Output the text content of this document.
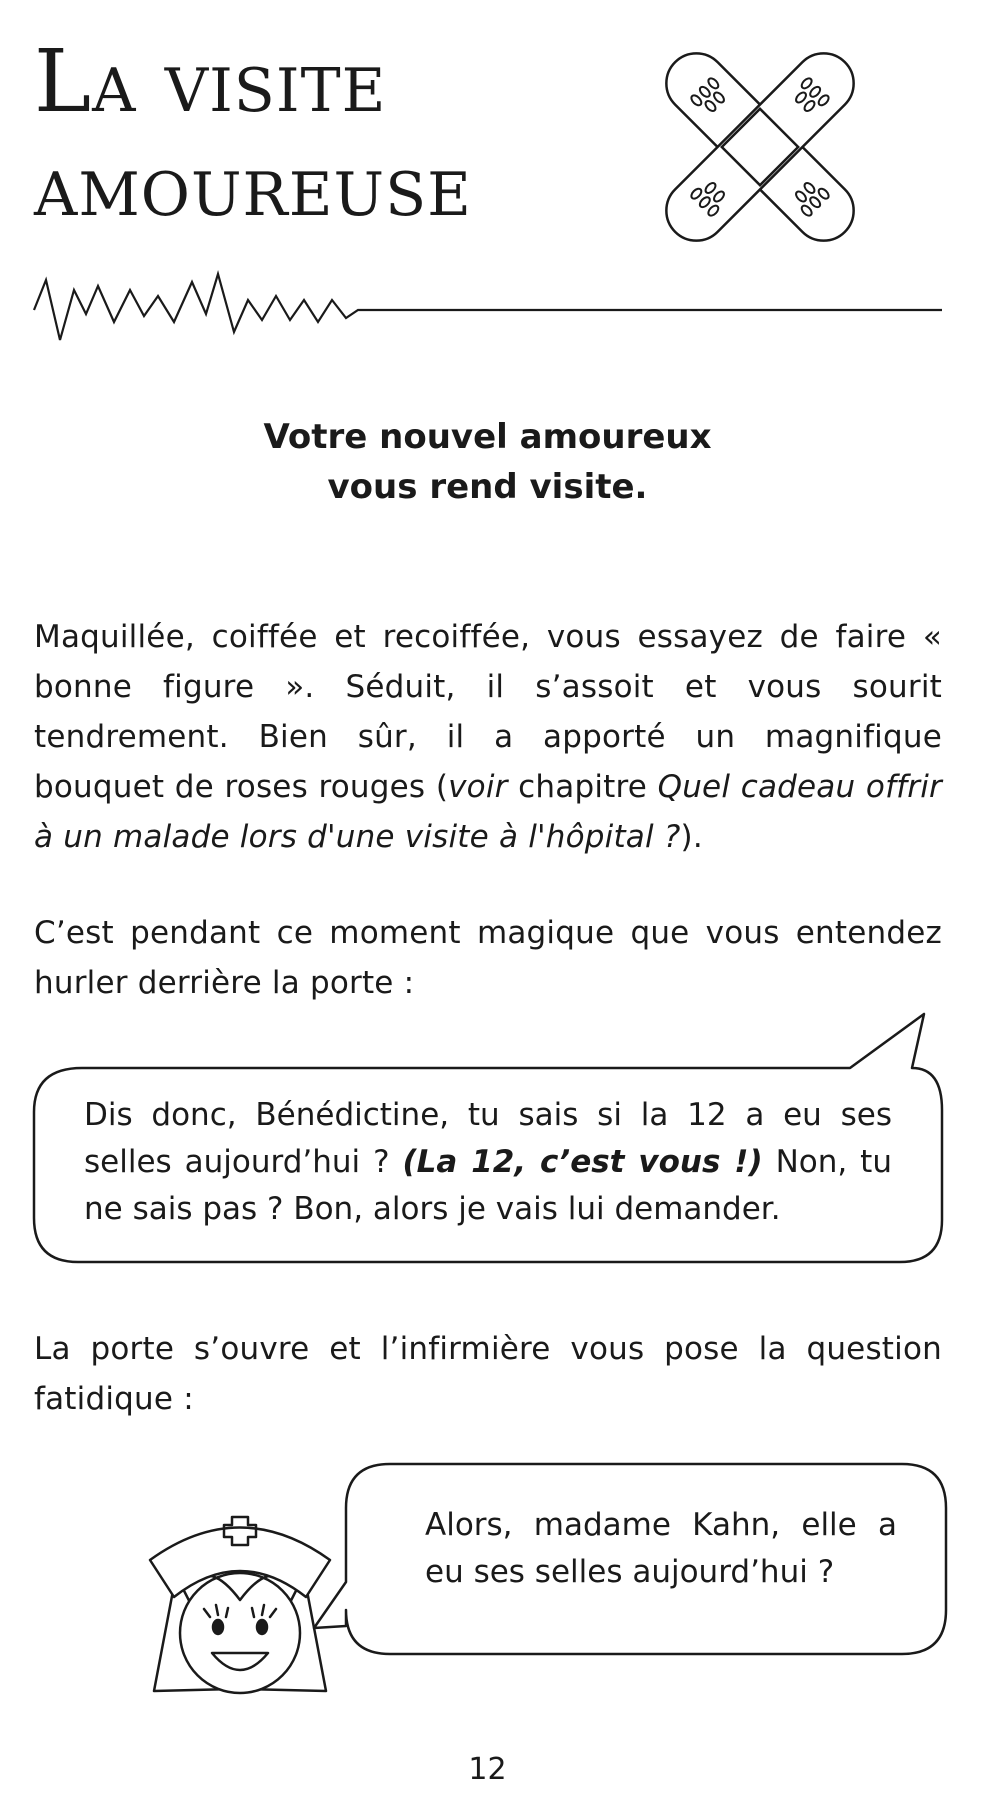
La visite
amoureuse
Votre nouvel amoureux
vous rend visite.

Maquillée, coiffée et recoiffée, vous essayez de faire « bonne figure ». Séduit, il s’assoit et vous sourit tendrement. Bien sûr, il a apporté un magnifique bouquet de roses rouges (voir chapitre Quel cadeau offrir à un malade lors d'une visite à l'hôpital ?).

C’est pendant ce moment magique que vous entendez hurler derrière la porte :

Dis donc, Bénédictine, tu sais si la 12 a eu ses selles aujourd’hui ? (La 12, c’est vous !) Non, tu ne sais pas ? Bon, alors je vais lui demander.

La porte s’ouvre et l’infirmière vous pose la question fatidique :

Alors, madame Kahn, elle a eu ses selles aujourd’hui ?

12
